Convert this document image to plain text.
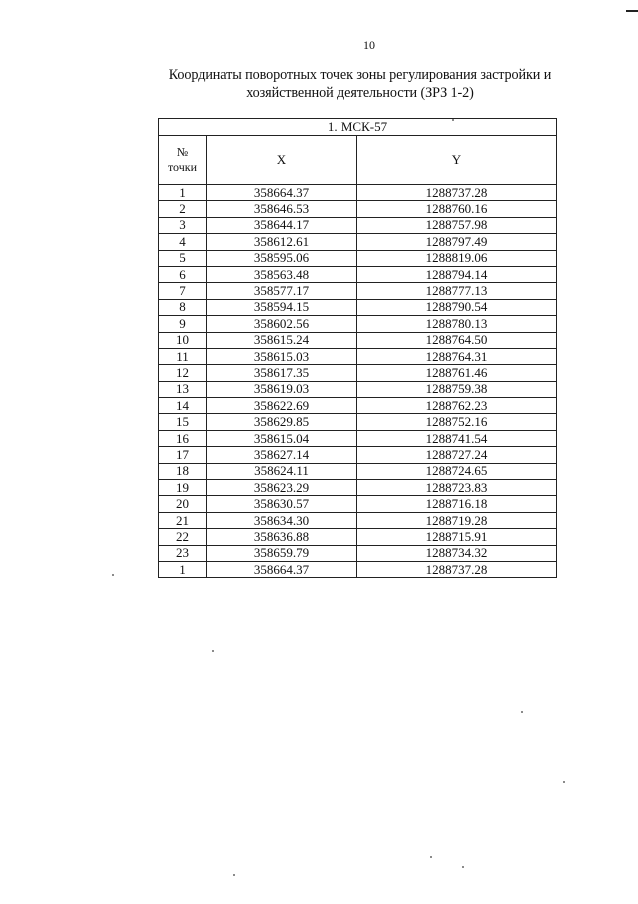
10
Координаты поворотных точек зоны регулирования застройки и
хозяйственной деятельности (ЗРЗ 1-2)
1. МСК-57		

№
точки	X	Y
1	358664.37	1288737.28
2	358646.53	1288760.16
3	358644.17	1288757.98
4	358612.61	1288797.49
5	358595.06	1288819.06
6	358563.48	1288794.14
7	358577.17	1288777.13
8	358594.15	1288790.54
9	358602.56	1288780.13
10	358615.24	1288764.50
11	358615.03	1288764.31
12	358617.35	1288761.46
13	358619.03	1288759.38
14	358622.69	1288762.23
15	358629.85	1288752.16
16	358615.04	1288741.54
17	358627.14	1288727.24
18	358624.11	1288724.65
19	358623.29	1288723.83
20	358630.57	1288716.18
21	358634.30	1288719.28
22	358636.88	1288715.91
23	358659.79	1288734.32
1	358664.37	1288737.28
